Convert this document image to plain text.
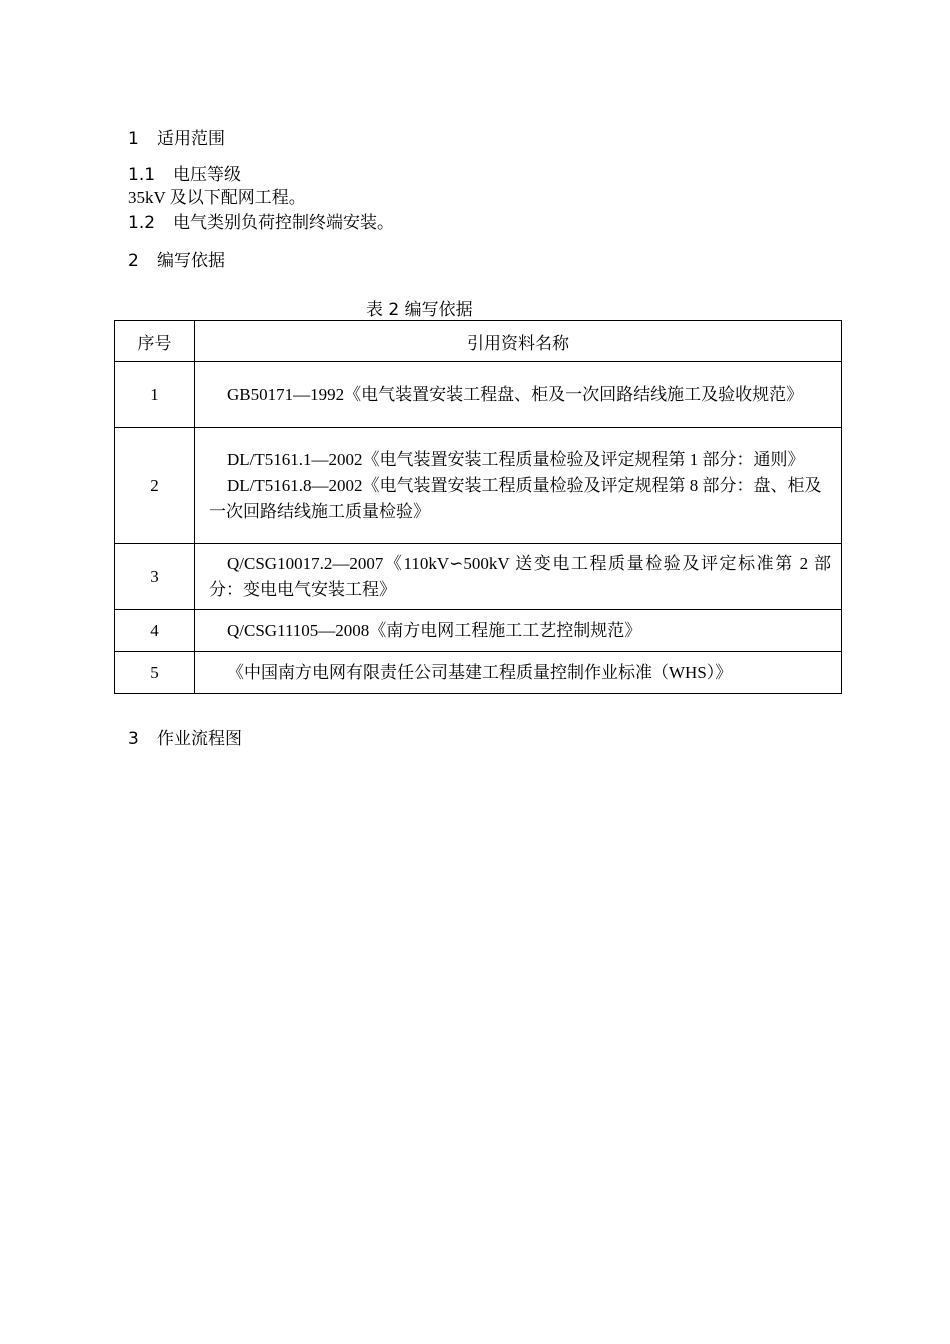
1 适用范围
1.1 电压等级
35kV 及以下配网工程。
1.2 电气类别负荷控制终端安装。
2 编写依据
表 2 编写依据
序号	引用资料名称
1	GB50171—1992《电气装置安装工程盘、柜及一次回路结线施工及验收规范》

2	DL/T5161.1—2002《电气装置安装工程质量检验及评定规程第 1 部分：通则》
DL/T5161.8—2002《电气装置安装工程质量检验及评定规程第 8 部分：盘、柜及一次回路结线施工质量检验》

3	Q/CSG10017.2—2007《110kV∽500kV 送变电工程质量检验及评定标准第 2 部分：变电电气安装工程》

4	Q/CSG11105—2008《南方电网工程施工工艺控制规范》

5	《中国南方电网有限责任公司基建工程质量控制作业标准（WHS）》
3 作业流程图
